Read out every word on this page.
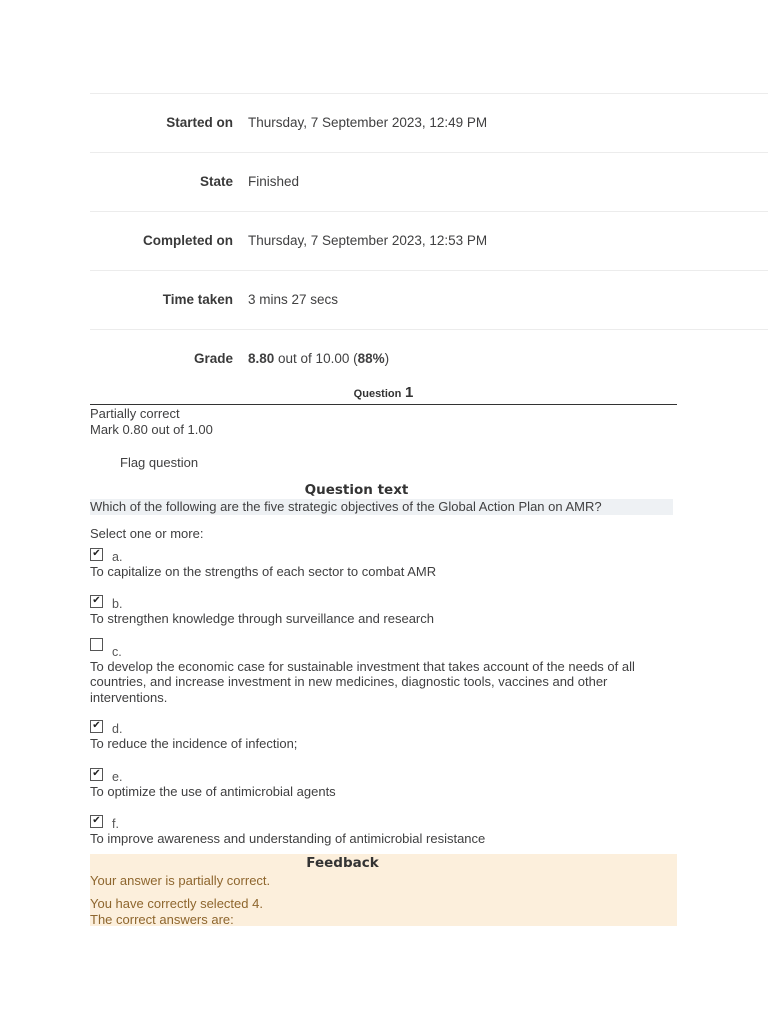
Started on Thursday, 7 September 2023, 12:49 PM
State Finished
Completed on Thursday, 7 September 2023, 12:53 PM
Time taken 3 mins 27 secs
Grade 8.80 out of 10.00 (88%)
Question 1
Partially correct
Mark 0.80 out of 1.00
Flag question
Question text
Which of the following are the five strategic objectives of the Global Action Plan on AMR?
Select one or more:
✔ a.
To capitalize on the strengths of each sector to combat AMR
✔ b.
To strengthen knowledge through surveillance and research
c.
To develop the economic case for sustainable investment that takes account of the needs of all countries, and increase investment in new medicines, diagnostic tools, vaccines and other interventions.
✔ d.
To reduce the incidence of infection;
✔ e.
To optimize the use of antimicrobial agents
✔ f.
To improve awareness and understanding of antimicrobial resistance
Feedback
Your answer is partially correct.
You have correctly selected 4.
The correct answers are:
